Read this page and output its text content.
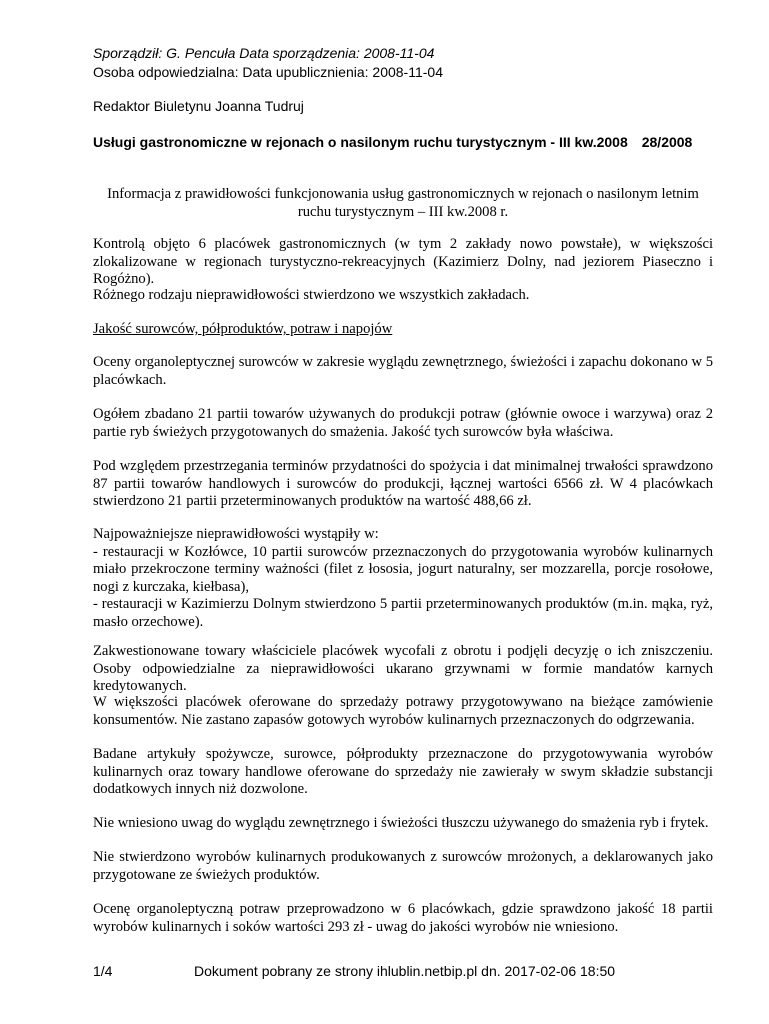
Sporządził: G. Pencuła Data sporządzenia: 2008-11-04
Osoba odpowiedzialna: Data upublicznienia: 2008-11-04
Redaktor Biuletynu Joanna Tudruj
Usługi gastronomiczne w rejonach o nasilonym ruchu turystycznym - III kw.2008 28/2008
Informacja z prawidłowości funkcjonowania usług gastronomicznych w rejonach o nasilonym letnim ruchu turystycznym – III kw.2008 r.
Kontrolą objęto 6 placówek gastronomicznych (w tym 2 zakłady nowo powstałe), w większości zlokalizowane w regionach turystyczno-rekreacyjnych (Kazimierz Dolny, nad jeziorem Piaseczno i Rogóżno).
Różnego rodzaju nieprawidłowości stwierdzono we wszystkich zakładach.
Jakość surowców, półproduktów, potraw i napojów
Oceny organoleptycznej surowców w zakresie wyglądu zewnętrznego, świeżości i zapachu dokonano w 5 placówkach.
Ogółem zbadano 21 partii towarów używanych do produkcji potraw (głównie owoce i warzywa) oraz 2 partie ryb świeżych przygotowanych do smażenia. Jakość tych surowców była właściwa.
Pod względem przestrzegania terminów przydatności do spożycia i dat minimalnej trwałości sprawdzono 87 partii towarów handlowych i surowców do produkcji, łącznej wartości 6566 zł. W 4 placówkach stwierdzono 21 partii przeterminowanych produktów na wartość 488,66 zł.
Najpoważniejsze nieprawidłowości wystąpiły w:
- restauracji w Kozłówce, 10 partii surowców przeznaczonych do przygotowania wyrobów kulinarnych miało przekroczone terminy ważności (filet z łososia, jogurt naturalny, ser mozzarella, porcje rosołowe, nogi z kurczaka, kiełbasa),
- restauracji w Kazimierzu Dolnym stwierdzono 5 partii przeterminowanych produktów (m.in. mąka, ryż, masło orzechowe).
Zakwestionowane towary właściciele placówek wycofali z obrotu i podjęli decyzję o ich zniszczeniu. Osoby odpowiedzialne za nieprawidłowości ukarano grzywnami w formie mandatów karnych kredytowanych.
W większości placówek oferowane do sprzedaży potrawy przygotowywano na bieżące zamówienie konsumentów. Nie zastano zapasów gotowych wyrobów kulinarnych przeznaczonych do odgrzewania.
Badane artykuły spożywcze, surowce, półprodukty przeznaczone do przygotowywania wyrobów kulinarnych oraz towary handlowe oferowane do sprzedaży nie zawierały w swym składzie substancji dodatkowych innych niż dozwolone.
Nie wniesiono uwag do wyglądu zewnętrznego i świeżości tłuszczu używanego do smażenia ryb i frytek.
Nie stwierdzono wyrobów kulinarnych produkowanych z surowców mrożonych, a deklarowanych jako przygotowane ze świeżych produktów.
Ocenę organoleptyczną potraw przeprowadzono w 6 placówkach, gdzie sprawdzono jakość 18 partii wyrobów kulinarnych i soków wartości 293 zł - uwag do jakości wyrobów nie wniesiono.
1/4	Dokument pobrany ze strony ihlublin.netbip.pl dn. 2017-02-06 18:50
